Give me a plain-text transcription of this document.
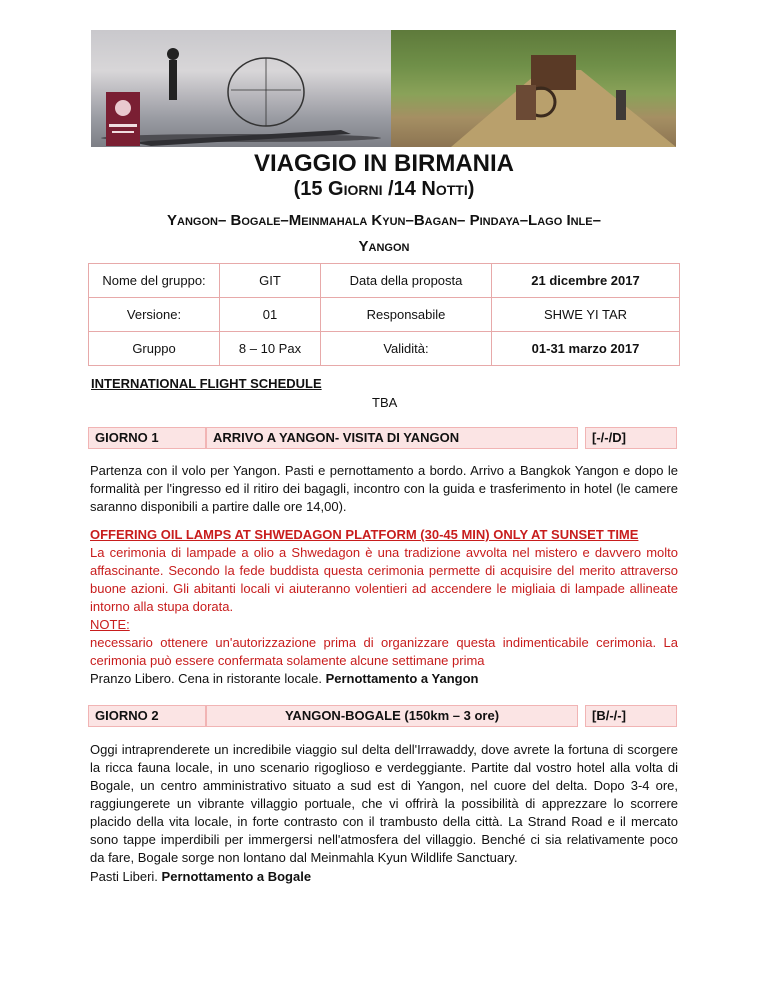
VIAGGIO IN BIRMANIA
(15 Giorni /14 Notti)
Yangon– Bogale–Meinmahala Kyun–Bagan– Pindaya–Lago Inle–
Yangon
Nome del gruppo:	GIT	Data della proposta	21 dicembre 2017
Versione:	01	Responsabile	SHWE YI TAR
Gruppo	8 – 10 Pax	Validità:	01-31 marzo 2017
INTERNATIONAL FLIGHT SCHEDULE
TBA
GIORNO 1	ARRIVO A YANGON- VISITA DI YANGON	[-/-/D]
Partenza con il volo per Yangon. Pasti e pernottamento a bordo. Arrivo a Bangkok Yangon e dopo le formalità per l'ingresso ed il ritiro dei bagagli, incontro con la guida e trasferimento in hotel (le camere saranno disponibili a partire dalle ore 14,00).
OFFERING OIL LAMPS AT SHWEDAGON PLATFORM (30-45 MIN) ONLY AT SUNSET TIME
La cerimonia di lampade a olio a Shwedagon è una tradizione avvolta nel mistero e davvero molto affascinante. Secondo la fede buddista questa cerimonia permette di acquisire del merito attraverso buone azioni. Gli abitanti locali vi aiuteranno volentieri ad accendere le migliaia di lampade allineate intorno alla stupa dorata.
NOTE:
necessario ottenere un'autorizzazione prima di organizzare questa indimenticabile cerimonia. La cerimonia può essere confermata solamente alcune settimane prima
Pranzo Libero. Cena in ristorante locale. Pernottamento a Yangon
GIORNO 2	YANGON-BOGALE (150km – 3 ore)	[B/-/-]
Oggi intraprenderete un incredibile viaggio sul delta dell'Irrawaddy, dove avrete la fortuna di scorgere la ricca fauna locale, in uno scenario rigoglioso e verdeggiante. Partite dal vostro hotel alla volta di Bogale, un centro amministrativo situato a sud est di Yangon, nel cuore del delta. Dopo 3-4 ore, raggiungerete un vibrante villaggio portuale, che vi offrirà la possibilità di apprezzare lo scorrere placido della vita locale, in forte contrasto con il trambusto della città. La Strand Road e il mercato sono tappe imperdibili per immergersi nell'atmosfera del villaggio. Benché ci sia relativamente poco da fare, Bogale sorge non lontano dal Meinmahla Kyun Wildlife Sanctuary.
Pasti Liberi. Pernottamento a Bogale
